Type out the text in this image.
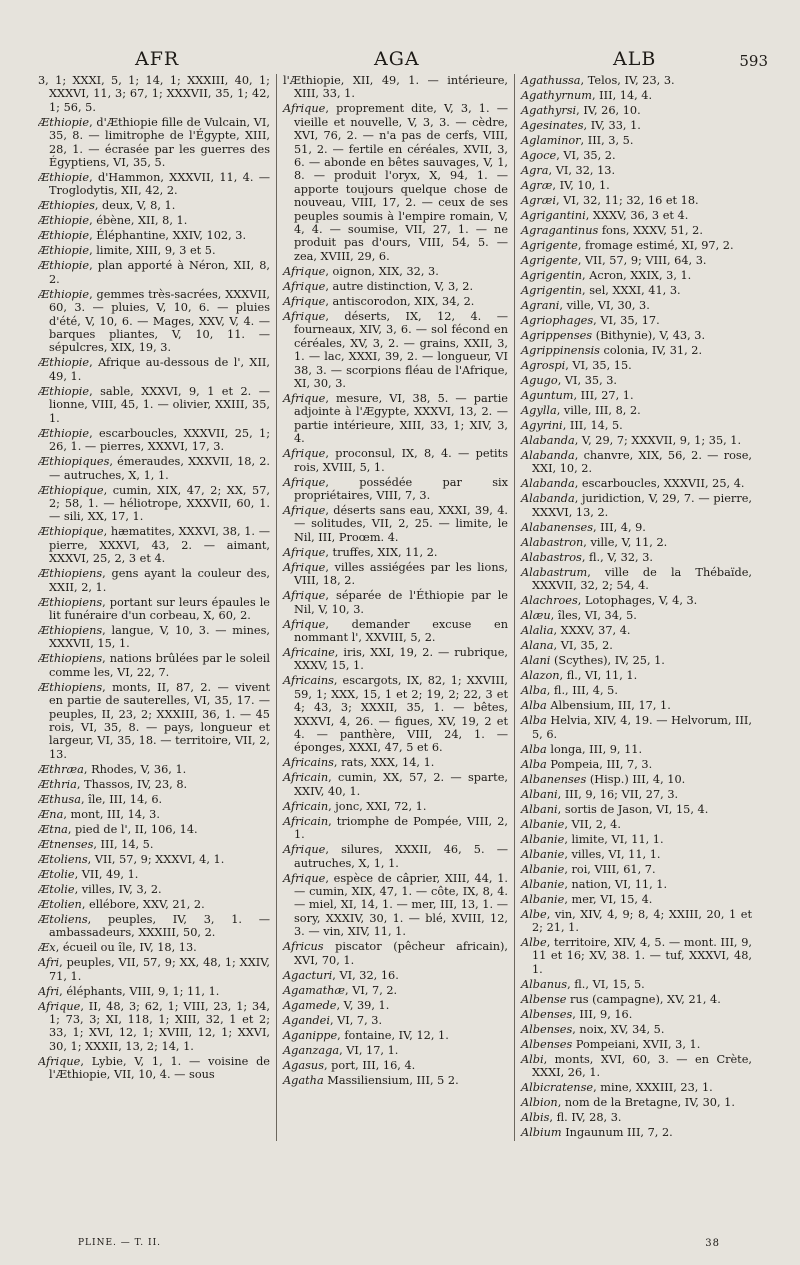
AFR	AGA	ALB	593

3, 1; XXXI, 5, 1; 14, 1; XXXIII, 40, 1; XXXVI, 11, 3; 67, 1; XXXVII, 35, 1; 42, 1; 56, 5.

Æthiopie, d'Æthiopie fille de Vulcain, VI, 35, 8. — limitrophe de l'Égypte, XIII, 28, 1. — écrasée par les guerres des Égyptiens, VI, 35, 5.

Æthiopie, d'Hammon, XXXVII, 11, 4. — Troglodytis, XII, 42, 2.

Æthiopies, deux, V, 8, 1.

Æthiopie, ébène, XII, 8, 1.

Æthiopie, Éléphantine, XXIV, 102, 3.

Æthiopie, limite, XIII, 9, 3 et 5.

Æthiopie, plan apporté à Néron, XII, 8, 2.

Æthiopie, gemmes très-sacrées, XXXVII, 60, 3. — pluies, V, 10, 6. — pluies d'été, V, 10, 6. — Mages, XXV, V, 4. — barques pliantes, V, 10, 11. — sépulcres, XIX, 19, 3.

Æthiopie, Afrique au-dessous de l', XII, 49, 1.

Æthiopie, sable, XXXVI, 9, 1 et 2. — lionne, VIII, 45, 1. — olivier, XXIII, 35, 1.

Æthiopie, escarboucles, XXXVII, 25, 1; 26, 1. — pierres, XXXVI, 17, 3.

Æthiopiques, émeraudes, XXXVII, 18, 2. — autruches, X, 1, 1.

Æthiopique, cumin, XIX, 47, 2; XX, 57, 2; 58, 1. — héliotrope, XXXVII, 60, 1. — sili, XX, 17, 1.

Æthiopique, hæmatites, XXXVI, 38, 1. — pierre, XXXVI, 43, 2. — aimant, XXXVI, 25, 2, 3 et 4.

Æthiopiens, gens ayant la couleur des, XXII, 2, 1.

Æthiopiens, portant sur leurs épaules le lit funéraire d'un corbeau, X, 60, 2.

Æthiopiens, langue, V, 10, 3. — mines, XXXVII, 15, 1.

Æthiopiens, nations brûlées par le soleil comme les, VI, 22, 7.

Æthiopiens, monts, II, 87, 2. — vivent en partie de sauterelles, VI, 35, 17. — peuples, II, 23, 2; XXXIII, 36, 1. — 45 rois, VI, 35, 8. — pays, longueur et largeur, VI, 35, 18. — territoire, VII, 2, 13.

Æthræa, Rhodes, V, 36, 1.

Æthria, Thassos, IV, 23, 8.

Æthusa, île, III, 14, 6.

Æna, mont, III, 14, 3.

Ætna, pied de l', II, 106, 14.

Ætnenses, III, 14, 5.

Ætoliens, VII, 57, 9; XXXVI, 4, 1.

Ætolie, VII, 49, 1.

Ætolie, villes, IV, 3, 2.

Ætolien, ellébore, XXV, 21, 2.

Ætoliens, peuples, IV, 3, 1. — ambassadeurs, XXXIII, 50, 2.

Æx, écueil ou île, IV, 18, 13.

Afri, peuples, VII, 57, 9; XX, 48, 1; XXIV, 71, 1.

Afri, éléphants, VIII, 9, 1; 11, 1.

Afrique, II, 48, 3; 62, 1; VIII, 23, 1; 34, 1; 73, 3; XI, 118, 1; XIII, 32, 1 et 2; 33, 1; XVI, 12, 1; XVIII, 12, 1; XXVI, 30, 1; XXXII, 13, 2; 14, 1.

Afrique, Lybie, V, 1, 1. — voisine de l'Æthiopie, VII, 10, 4. — sous

l'Æthiopie, XII, 49, 1. — intérieure, XIII, 33, 1.

Afrique, proprement dite, V, 3, 1. — vieille et nouvelle, V, 3, 3. — cèdre, XVI, 76, 2. — n'a pas de cerfs, VIII, 51, 2. — fertile en céréales, XVII, 3, 6. — abonde en bêtes sauvages, V, 1, 8. — produit l'oryx, X, 94, 1. — apporte toujours quelque chose de nouveau, VIII, 17, 2. — ceux de ses peuples soumis à l'empire romain, V, 4, 4. — soumise, VII, 27, 1. — ne produit pas d'ours, VIII, 54, 5. — zea, XVIII, 29, 6.

Afrique, oignon, XIX, 32, 3.

Afrique, autre distinction, V, 3, 2.

Afrique, antiscorodon, XIX, 34, 2.

Afrique, déserts, IX, 12, 4. — fourneaux, XIV, 3, 6. — sol fécond en céréales, XV, 3, 2. — grains, XXII, 3, 1. — lac, XXXI, 39, 2. — longueur, VI 38, 3. — scorpions fléau de l'Afrique, XI, 30, 3.

Afrique, mesure, VI, 38, 5. — partie adjointe à l'Ægypte, XXXVI, 13, 2. — partie intérieure, XIII, 33, 1; XIV, 3, 4.

Afrique, proconsul, IX, 8, 4. — petits rois, XVIII, 5, 1.

Afrique, possédée par six propriétaires, VIII, 7, 3.

Afrique, déserts sans eau, XXXI, 39, 4. — solitudes, VII, 2, 25. — limite, le Nil, III, Proœm. 4.

Afrique, truffes, XIX, 11, 2.

Afrique, villes assiégées par les lions, VIII, 18, 2.

Afrique, séparée de l'Éthiopie par le Nil, V, 10, 3.

Afrique, demander excuse en nommant l', XXVIII, 5, 2.

Africaine, iris, XXI, 19, 2. — rubrique, XXXV, 15, 1.

Africains, escargots, IX, 82, 1; XXVIII, 59, 1; XXX, 15, 1 et 2; 19, 2; 22, 3 et 4; 43, 3; XXXII, 35, 1. — bêtes, XXXVI, 4, 26. — figues, XV, 19, 2 et 4. — panthère, VIII, 24, 1. — éponges, XXXI, 47, 5 et 6.

Africains, rats, XXX, 14, 1.

Africain, cumin, XX, 57, 2. — sparte, XXIV, 40, 1.

Africain, jonc, XXI, 72, 1.

Africain, triomphe de Pompée, VIII, 2, 1.

Afrique, silures, XXXII, 46, 5. — autruches, X, 1, 1.

Afrique, espèce de câprier, XIII, 44, 1. — cumin, XIX, 47, 1. — côte, IX, 8, 4. — miel, XI, 14, 1. — mer, III, 13, 1. — sory, XXXIV, 30, 1. — blé, XVIII, 12, 3. — vin, XIV, 11, 1.

Africus piscator (pêcheur africain), XVI, 70, 1.

Agacturi, VI, 32, 16.

Agamathæ, VI, 7, 2.

Agamede, V, 39, 1.

Agandei, VI, 7, 3.

Aganippe, fontaine, IV, 12, 1.

Aganzaga, VI, 17, 1.

Agasus, port, III, 16, 4.

Agatha Massiliensium, III, 5 2.

Agathussa, Telos, IV, 23, 3.

Agathyrnum, III, 14, 4.

Agathyrsi, IV, 26, 10.

Agesinates, IV, 33, 1.

Aglaminor, III, 3, 5.

Agoce, VI, 35, 2.

Agra, VI, 32, 13.

Agræ, IV, 10, 1.

Agræi, VI, 32, 11; 32, 16 et 18.

Agrigantini, XXXV, 36, 3 et 4.

Agragantinus fons, XXXV, 51, 2.

Agrigente, fromage estimé, XI, 97, 2.

Agrigente, VII, 57, 9; VIII, 64, 3.

Agrigentin, Acron, XXIX, 3, 1.

Agrigentin, sel, XXXI, 41, 3.

Agrani, ville, VI, 30, 3.

Agriophages, VI, 35, 17.

Agrippenses (Bithynie), V, 43, 3.

Agrippinensis colonia, IV, 31, 2.

Agrospi, VI, 35, 15.

Agugo, VI, 35, 3.

Aguntum, III, 27, 1.

Agylla, ville, III, 8, 2.

Agyrini, III, 14, 5.

Alabanda, V, 29, 7; XXXVII, 9, 1; 35, 1.

Alabanda, chanvre, XIX, 56, 2. — rose, XXI, 10, 2.

Alabanda, escarboucles, XXXVII, 25, 4.

Alabanda, juridiction, V, 29, 7. — pierre, XXXVI, 13, 2.

Alabanenses, III, 4, 9.

Alabastron, ville, V, 11, 2.

Alabastros, fl., V, 32, 3.

Alabastrum, ville de la Thébaïde, XXXVII, 32, 2; 54, 4.

Alachroes, Lotophages, V, 4, 3.

Alæu, îles, VI, 34, 5.

Alalia, XXXV, 37, 4.

Alana, VI, 35, 2.

Alani (Scythes), IV, 25, 1.

Alazon, fl., VI, 11, 1.

Alba, fl., III, 4, 5.

Alba Albensium, III, 17, 1.

Alba Helvia, XIV, 4, 19. — Helvorum, III, 5, 6.

Alba longa, III, 9, 11.

Alba Pompeia, III, 7, 3.

Albanenses (Hisp.) III, 4, 10.

Albani, III, 9, 16; VII, 27, 3.

Albani, sortis de Jason, VI, 15, 4.

Albanie, VII, 2, 4.

Albanie, limite, VI, 11, 1.

Albanie, villes, VI, 11, 1.

Albanie, roi, VIII, 61, 7.

Albanie, nation, VI, 11, 1.

Albanie, mer, VI, 15, 4.

Albe, vin, XIV, 4, 9; 8, 4; XXIII, 20, 1 et 2; 21, 1.

Albe, territoire, XIV, 4, 5. — mont. III, 9, 11 et 16; XV, 38. 1. — tuf, XXXVI, 48, 1.

Albanus, fl., VI, 15, 5.

Albense rus (campagne), XV, 21, 4.

Albenses, III, 9, 16.

Albenses, noix, XV, 34, 5.

Albenses Pompeiani, XVII, 3, 1.

Albi, monts, XVI, 60, 3. — en Crète, XXXI, 26, 1.

Albicratense, mine, XXXIII, 23, 1.

Albion, nom de la Bretagne, IV, 30, 1.

Albis, fl. IV, 28, 3.

Albium Ingaunum III, 7, 2.

PLINE. — T. II.	38
